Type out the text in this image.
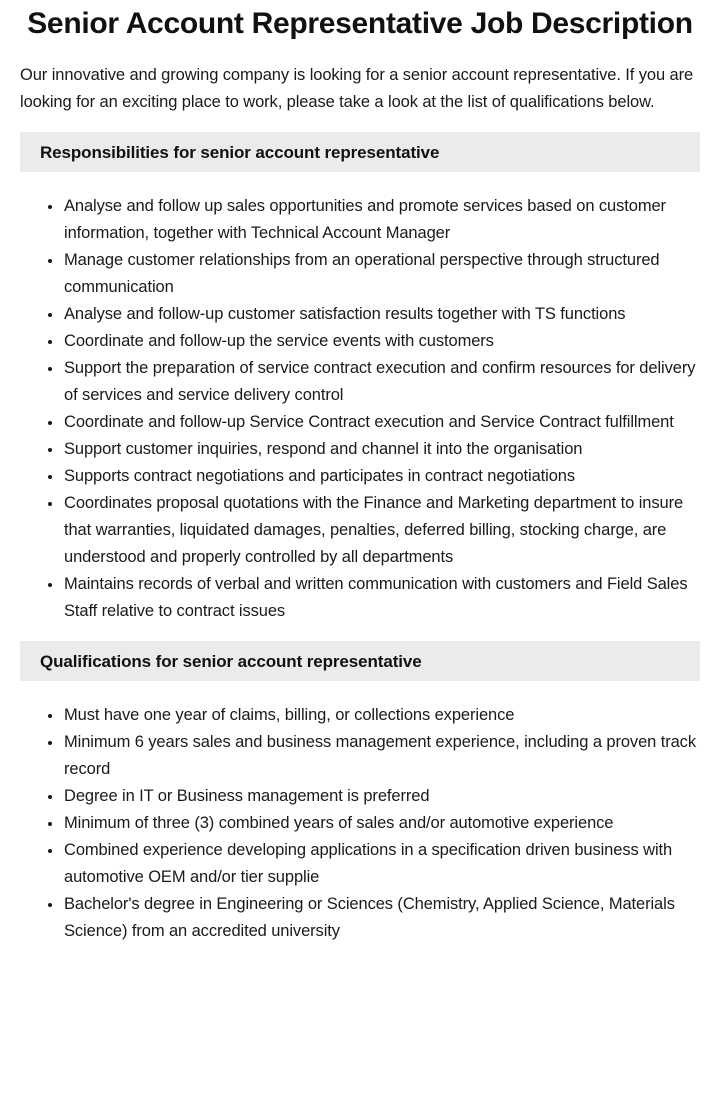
Senior Account Representative Job Description

Our innovative and growing company is looking for a senior account representative. If you are looking for an exciting place to work, please take a look at the list of qualifications below.

Responsibilities for senior account representative
• Analyse and follow up sales opportunities and promote services based on customer information, together with Technical Account Manager
• Manage customer relationships from an operational perspective through structured communication
• Analyse and follow-up customer satisfaction results together with TS functions
• Coordinate and follow-up the service events with customers
• Support the preparation of service contract execution and confirm resources for delivery of services and service delivery control
• Coordinate and follow-up Service Contract execution and Service Contract fulfillment
• Support customer inquiries, respond and channel it into the organisation
• Supports contract negotiations and participates in contract negotiations
• Coordinates proposal quotations with the Finance and Marketing department to insure that warranties, liquidated damages, penalties, deferred billing, stocking charge, are understood and properly controlled by all departments
• Maintains records of verbal and written communication with customers and Field Sales Staff relative to contract issues
Qualifications for senior account representative
• Must have one year of claims, billing, or collections experience
• Minimum 6 years sales and business management experience, including a proven track record
• Degree in IT or Business management is preferred
• Minimum of three (3) combined years of sales and/or automotive experience
• Combined experience developing applications in a specification driven business with automotive OEM and/or tier supplie
• Bachelor's degree in Engineering or Sciences (Chemistry, Applied Science, Materials Science) from an accredited university
